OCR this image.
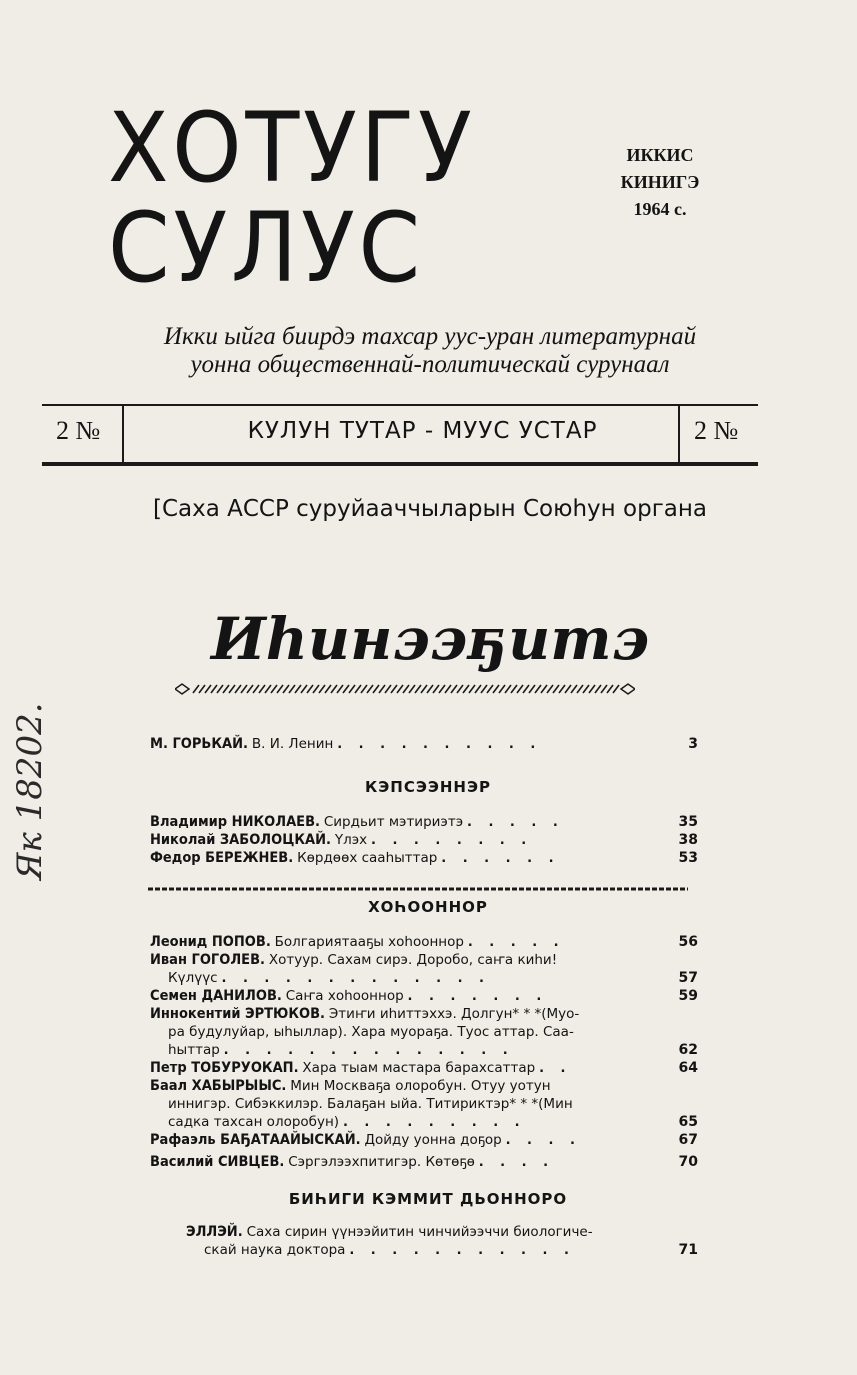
ХОТУГУ
СУЛУС
ИККИС
КИНИГЭ
1964 с.
Икки ыйга биирдэ тахсар уус-уран литературнай
уонна общественнай-политическай сурунаал
2 №	КУЛУН ТУТАР - МУУС УСТАР	2 №
[Саха АССР суруйааччыларын Союһун органа
Як 18202.
Иһинээҕитэ
М. ГОРЬКАЙ. В. И. Ленин . . . . . . . . . .	3
КЭПСЭЭННЭР
Владимир НИКОЛАЕВ. Сирдьит мэтириэтэ . . . . .	35
Николай ЗАБОЛОЦКАЙ. Үлэх . . . . . . . .	38
Федор БЕРЕЖНЕВ. Көрдөөх сааһыттар . . . . . .	53
ХОҺООННОР
Леонид ПОПОВ. Болгариятааҕы хоһооннор . . . . .	56
Иван ГОГОЛЕВ. Хотуур. Сахам сирэ. Доробо, саҥа киһи!
Күлүүс . . . . . . . . . . . . .	57
Семен ДАНИЛОВ. Саҥа хоһооннор . . . . . . .	59
Иннокентий ЭРТЮКОВ. Этиҥи иһиттэххэ. Долгун* * *(Муо-
ра будулуйар, ыһыллар). Хара муораҕа. Туос аттар. Саа-
һыттар . . . . . . . . . . . . . .	62
Петр ТОБУРУОКАП. Хара тыам мастара барахсаттар . .	64
Баал ХАБЫРЫЫС. Мин Москваҕа олоробун. Отуу уотун
иннигэр. Сибэккилэр. Балаҕан ыйа. Титириктэр* * *(Мин
садка тахсан олоробун) . . . . . . . . .	65
Рафаэль БАҔАТААЙЫСКАЙ. Дойду уонна доҕор . . . .	67
Василий СИВЦЕВ. Сэргэлээхпитигэр. Көтөҕө . . . .	70
БИҺИГИ КЭММИТ ДЬОННОРО
ЭЛЛЭЙ. Саха сирин үүнээйитин чинчийээччи биологиче-
скай наука доктора . . . . . . . . . . .	71
